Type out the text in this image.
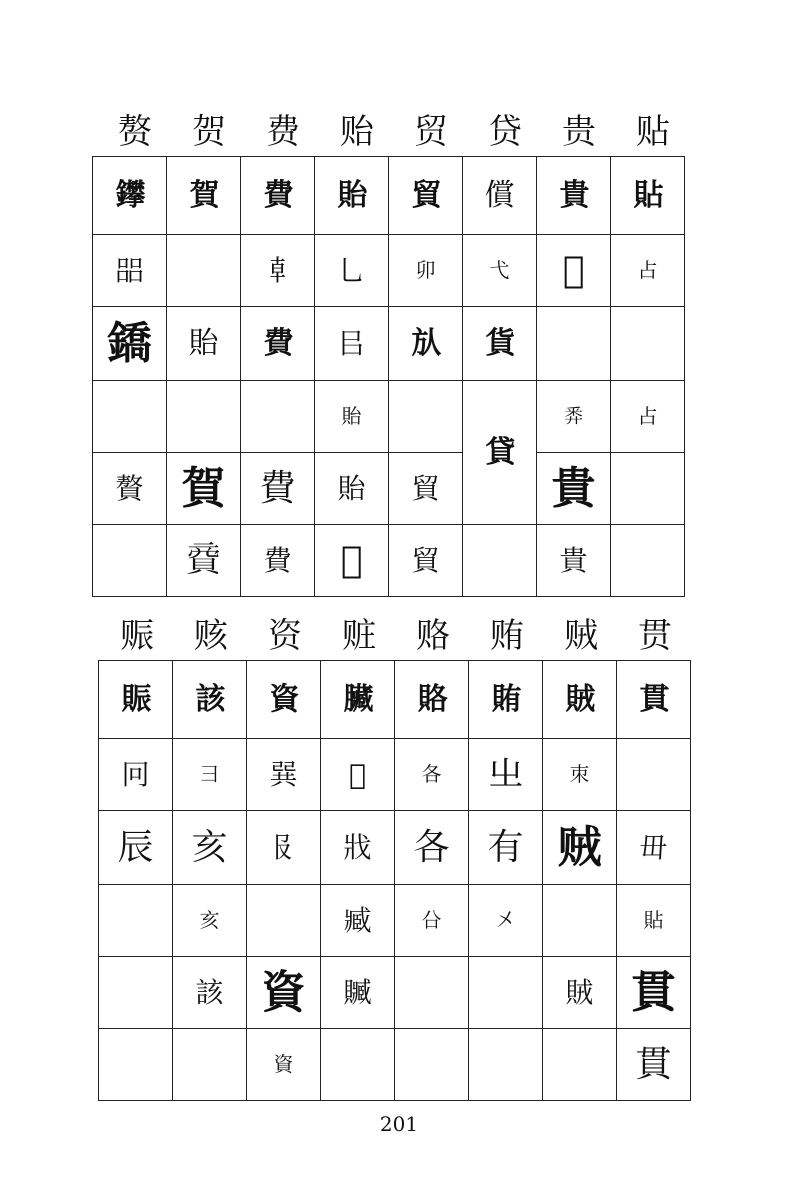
赘	贺	费	贻	贸	贷	贵	贴
鑻	賀	費	貽	貿	償	貴	貼
㗊		𠦝	乚	卯	弋	𤯍	占
鐈	貽	費	㠯	㫃	貨		
			貽		貸	𢍏	占
贅	賀	費	貽	貿		貴	
	𧶜	費	𧹗	貿		貴	
赈	赅	资	赃	赂	贿	贼	贯
賑	該	資	臟	賂	賄	賊	貫
冋	彐	𢁉	𣏎	各	㞢	朿	
辰	亥	𠬝	戕	各	有	贼	毌
	亥		臧	㕣	㐅		貼
	該	資	贓			賊	貫
		資					貫
201
